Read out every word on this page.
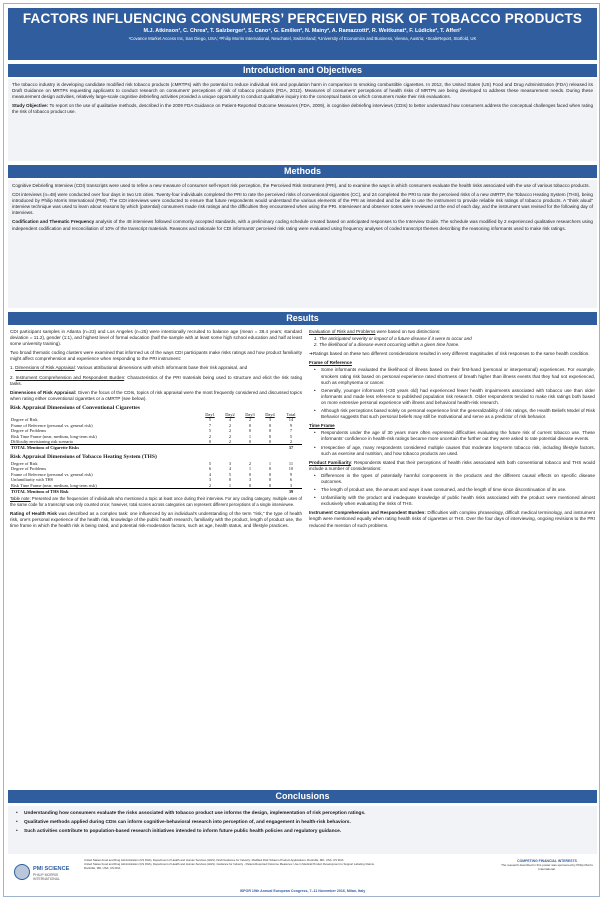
FACTORS INFLUENCING CONSUMERS’ PERCEIVED RISK OF TOBACCO PRODUCTS
M.J. Atkinson¹, C. Chrea², T. Salzberger³, S. Cano⁴, G. Emilien², N. Mainy², A. Ramazzotti², R. Weitkunat², F. Lüdicke², T. Afferi¹
¹Covance Market Access Inc, San Diego, USA; ²Philip Morris International, Neuchatel, Switzerland; ³University of Economics and Business, Vienna, Austria; ⁴ScaleReport, Stotfold, UK
Introduction and Objectives

The tobacco industry is developing candidate modified risk tobacco products (cMRTPs) with the potential to reduce individual risk and population harm in comparison to smoking combustible cigarettes. In 2012, the United States (US) Food and Drug Administration (FDA) released its Draft Guidance on MRTPs requesting applicants to conduct research on consumers’ perceptions of risk of tobacco products (FDA, 2012). Measures of consumers’ perceptions of health risks of MRTPs are being developed to address these measurement needs. During these measurement design activities, relatively large-scale cognitive debriefing activities provided a unique opportunity to conduct qualitative inquiry into the conceptual basis on which consumers make their risk evaluations.

Study Objective: To report on the use of qualitative methods, described in the 2009 FDA Guidance on Patient-Reported Outcome Measures (FDA, 2009), in cognitive debriefing interviews (CDIs) to better understand how consumers address the conceptual challenges faced when rating the risk of tobacco product use.

Methods

Cognitive Debriefing Interview (CDI) transcripts were used to refine a new measure of consumer self-report risk perception, the Perceived Risk Instrument (PRI), and to examine the ways in which consumers evaluate the health risks associated with the use of various tobacco products.

CDI interviews (n=48) were conducted over four days in two US cities. Twenty-four individuals completed the PRI to rate the perceived risks of conventional cigarettes (CC), and 24 completed the PRI to rate the perceived risks of a new cMRTP, the Tobacco Heating System (THS), being introduced by Philip Morris International (PMI). The CDI interviews were conducted to ensure that future respondents would understand the various elements of the PRI as intended and be able to use the instrument to provide reliable risk ratings of tobacco products. A “think aloud” interview technique was used to learn about reasons by which (potential) consumers made risk ratings and the difficulties they encountered when using the PRI. Interviewer and observer notes were reviewed at the end of each day, and the instrument was revised for the following day of interviews.

Codification and Thematic Frequency analysis of the 48 interviews followed commonly accepted standards, with a preliminary coding schedule created based on anticipated responses to the Interview Guide. The schedule was modified by 2 experienced qualitative researchers using independent codification and reconciliation of 10% of the transcript materials. Reasons and rationale for CDI informants’ perceived risk rating were evaluated using frequency analyses of coded transcript themes describing the reasoning informants used to make risk ratings.

Results

CDI participant samples in Atlanta (n=23) and Los Angeles (n=25) were intentionally recruited to balance age (mean = 38.4 years; standard deviation = 11.2), gender (1:1), and highest level of formal education (half the sample with at least some high school education and half at least some university training).

Two broad thematic coding clusters were examined that informed us of the ways CDI participants make risks ratings and how product familiarity might affect comprehension and experience when responding to the PRI instrument:

1. Dimensions of Risk Appraisal: Various attributional dimensions with which informants base their risk appraisal, and

2. Instrument Comprehension and Respondent Burden: Characteristics of the PRI materials being used to structure and elicit the risk rating tasks.

Dimensions of Risk Appraisal: Given the focus of the CDIs, topics of risk appraisal were the most frequently considered and discussed topics when rating either conventional cigarettes or a cMRTP (see below).

Risk Appraisal Dimensions of Conventional Cigarettes
	Day1	Day2	Day3	Day4	Total
Degree of Risk	5	4	2	3	14
Frame of Reference (personal vs. general risk)	7	2	0	0	9
Degree of Problems	5	2	0	0	7
Risk Time Frame (near, medium, long-term risk)	2	2	1	0	5
Difficulty envisioning risk scenario	0	2	0	0	2
TOTAL Mentions of Cigarette Risks					37
Risk Appraisal Dimensions of Tobacco Heating System (THS)
Degree of Risk	5	3	2	1	11
Degree of Problems	6	4	1	0	10
Frame of Reference (personal vs. general risk)	4	5	0	0	9
Unfamiliarity with THS	3	0	3	0	6
Risk Time Frame (near, medium, long-term risk)	2	1	0	0	3
TOTAL Mentions of THS Risk					39
Table note: Presented are the frequencies of individuals who mentioned a topic at least once during their interview. For any coding category, multiple uses of the same code for a transcript was only counted once; however, total scores across categories can represent different perceptions of a single interviewee.

Rating of Health Risk was described as a complex task: one influenced by an individual’s understanding of the term “risk,” the type of health risk, one’s personal experience of the health risk, knowledge of the public health research, familiarity with the product, length of product use, the time frame in which the health risk is being rated, and potential risk-moderation factors, such as age, health status, and lifestyle practices.

Evaluation of Risk and Problems were based on two distinctions:

1. The anticipated severity or impact of a future disease if it were to occur and
2. The likelihood of a disease event occurring within a given time frame.

➔Ratings based on these two different considerations resulted in very different magnitudes of risk responses to the same health condition.

Frame of Reference
• Some informants evaluated the likelihood of illness based on their first-hand (personal or interpersonal) experiences. For example, smokers rating risk based on personal experience rated shortness of breath higher than illness events that they had not experienced, such as emphysema or cancer.
• Generally, younger informants (<30 years old) had experienced fewer health impairments associated with tobacco use than older informants and made less reference to published population risk research. Older respondents tended to make risk ratings both based on more extensive personal experience with illness and behavioral health-risk research.
• Although risk perceptions based solely on personal experience limit the generalizability of risk ratings, the Health Beliefs Model of Risk Behavior suggests that such personal beliefs may still be motivational and serve as a predictor of risk behavior.
Time Frame
• Respondents under the age of 30 years more often expressed difficulties evaluating the future risk of current tobacco use. These informants’ confidence in health-risk ratings became more uncertain the further out they were asked to rate potential disease events.
• Irrespective of age, many respondents considered multiple causes that moderate long-term tobacco risk, including lifestyle factors, such as exercise and nutrition, and how tobacco products are used.

Product Familiarity: Respondents stated that their perceptions of health risks associated with both conventional tobacco and THS would include a number of considerations:

• Differences in the types of potentially harmful components in the products and the different causal effects on specific disease outcomes.
• The length of product use, the amount and ways it was consumed, and the length of time since discontinuation of its use.
• Unfamiliarity with the product and inadequate knowledge of public health risks associated with the product were mentioned almost exclusively when evaluating the risks of THS.

Instrument Comprehension and Respondent Burden: Difficulties with complex phraseology, difficult medical terminology, and instrument length were mentioned equally when rating health risks of cigarettes or THS. Over the four days of interviewing, ongoing revisions to the PRI reduced the mention of such problems.

Conclusions
• Understanding how consumers evaluate the risks associated with tobacco product use informs the design, implementation of risk perception ratings.
• Qualitative methods applied during CDIs can inform cognitive-behavioral research into perception of, and engagement in health-risk behaviors.
• Such activities contribute to population-based research initiatives intended to inform future public health policies and regulatory guidance.
PMI SCIENCE
PHILIP MORRIS INTERNATIONAL
United States Food and Drug Administration (US FDA), Department of Health and Human Services (HHS). Draft Guidance for Industry: Modified Risk Tobacco Product Applications. Rockville, MD, USA: US FDA.
United States Food and Drug Administration (US FDA), Department of Health and Human Services (HHS). Guidance for Industry - Patient-Reported Outcome Measures: Use in Medical Product Development to Support Labeling Claims.
Rockville, MD, USA: US FDA.
COMPETING FINANCIAL INTERESTS
The research described in this poster was sponsored by Philip Morris International.
ISPOR 19th Annual European Congress, 7–11 November 2016, Milan, Italy
